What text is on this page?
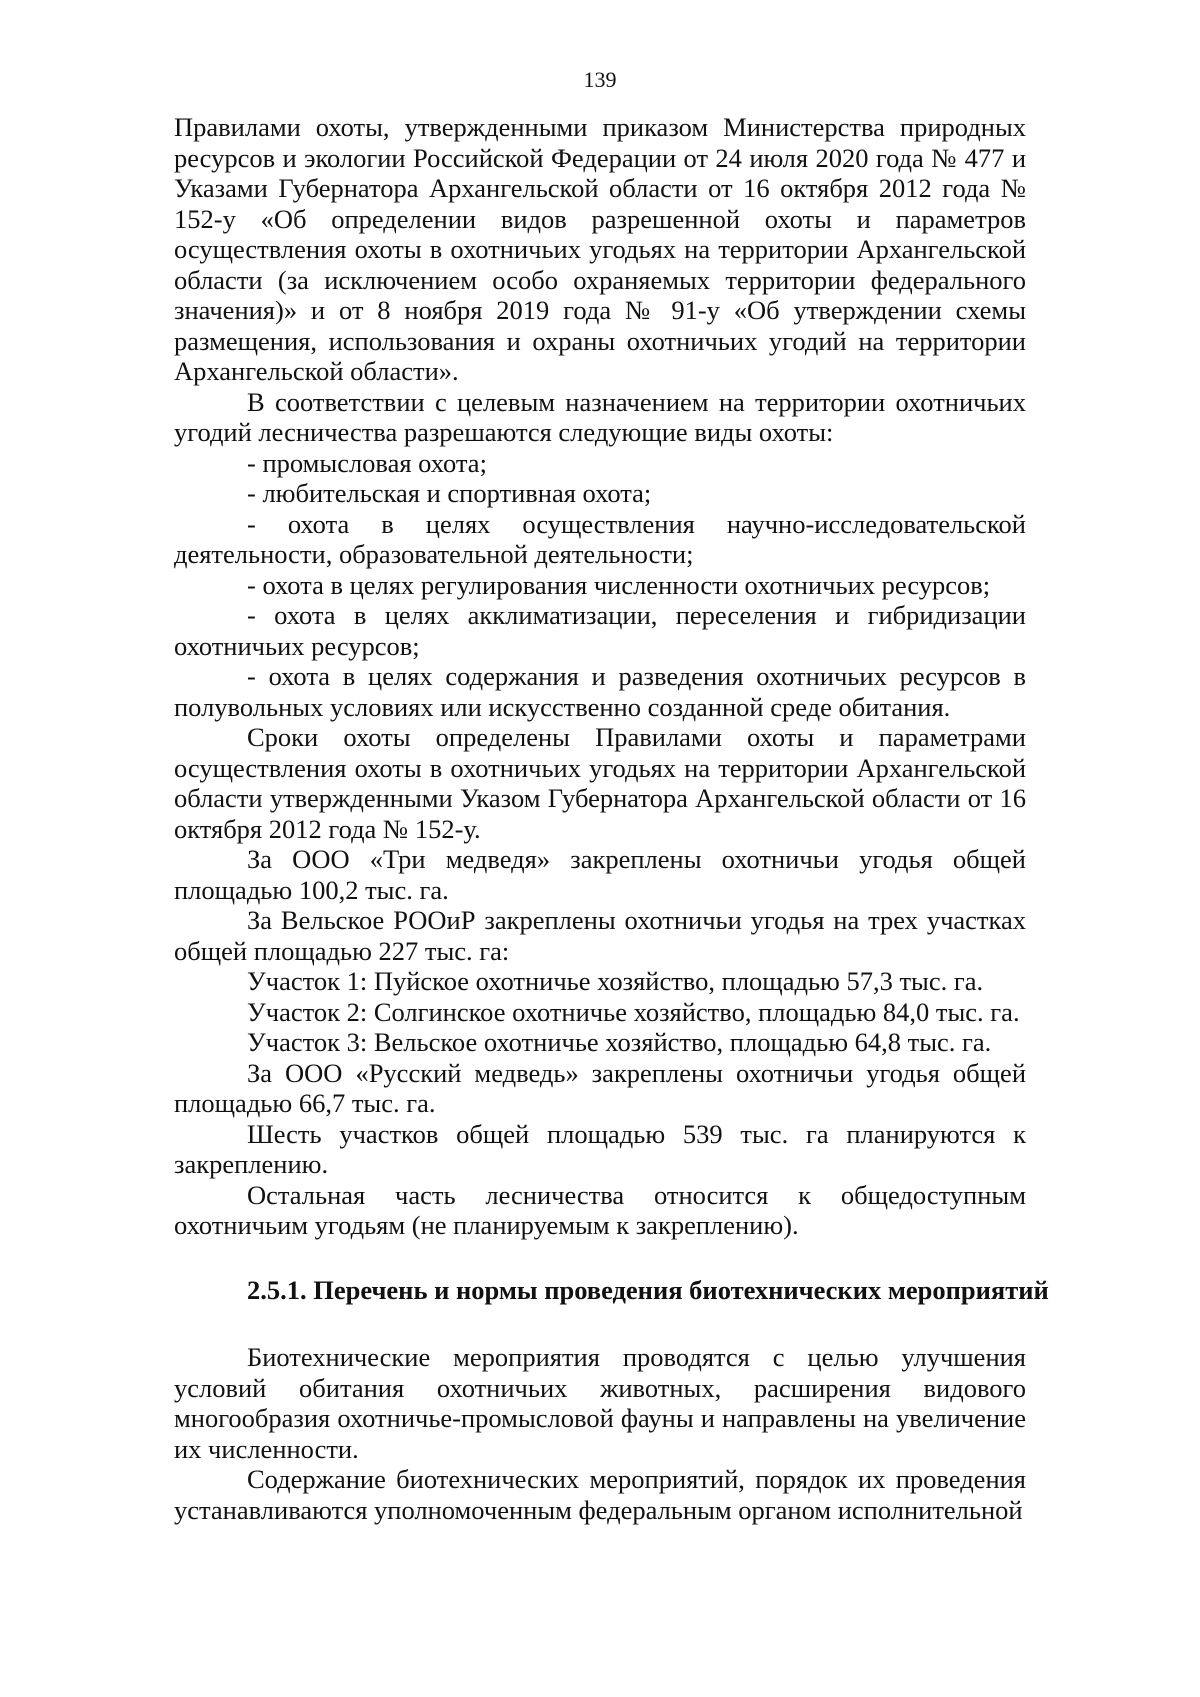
139

Правилами охоты, утвержденными приказом Министерства природных ресурсов и экологии Российской Федерации от 24 июля 2020 года № 477 и Указами Губернатора Архангельской области от 16 октября 2012 года № 152-у «Об определении видов разрешенной охоты и параметров осуществления охоты в охотничьих угодьях на территории Архангельской области (за исключением особо охраняемых территории федерального значения)» и от 8 ноября 2019 года № 91-у «Об утверждении схемы размещения, использования и охраны охотничьих угодий на территории Архангельской области».

В соответствии с целевым назначением на территории охотничьих угодий лесничества разрешаются следующие виды охоты:

- промысловая охота;

- любительская и спортивная охота;

- охота в целях осуществления научно-исследовательской деятельности, образовательной деятельности;

- охота в целях регулирования численности охотничьих ресурсов;

- охота в целях акклиматизации, переселения и гибридизации охотничьих ресурсов;

- охота в целях содержания и разведения охотничьих ресурсов в полувольных условиях или искусственно созданной среде обитания.

Сроки охоты определены Правилами охоты и параметрами осуществления охоты в охотничьих угодьях на территории Архангельской области утвержденными Указом Губернатора Архангельской области от 16 октября 2012 года № 152-у.

За ООО «Три медведя» закреплены охотничьи угодья общей площадью 100,2 тыс. га.

За Вельское РООиР закреплены охотничьи угодья на трех участках общей площадью 227 тыс. га:

Участок 1: Пуйское охотничье хозяйство, площадью 57,3 тыс. га.

Участок 2: Солгинское охотничье хозяйство, площадью 84,0 тыс. га.

Участок 3: Вельское охотничье хозяйство, площадью 64,8 тыс. га.

За ООО «Русский медведь» закреплены охотничьи угодья общей площадью 66,7 тыс. га.

Шесть участков общей площадью 539 тыс. га планируются к закреплению.

Остальная часть лесничества относится к общедоступным охотничьим угодьям (не планируемым к закреплению).

2.5.1. Перечень и нормы проведения биотехнических мероприятий

Биотехнические мероприятия проводятся с целью улучшения условий обитания охотничьих животных, расширения видового многообразия охотничье-промысловой фауны и направлены на увеличение их численности.

Содержание биотехнических мероприятий, порядок их проведения устанавливаются уполномоченным федеральным органом исполнительной
